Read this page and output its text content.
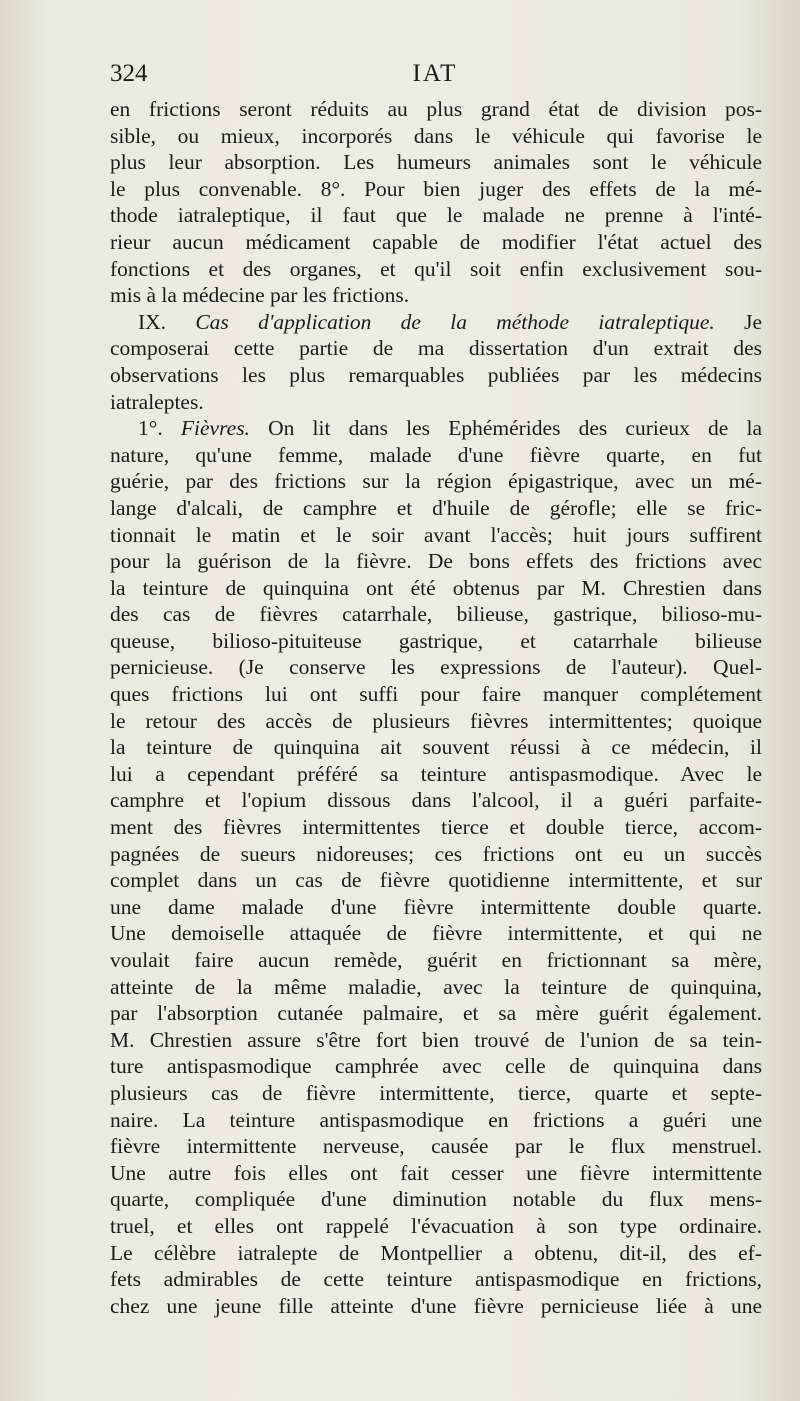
324	IAT
en frictions seront réduits au plus grand état de division pos-
sible, ou mieux, incorporés dans le véhicule qui favorise le
plus leur absorption. Les humeurs animales sont le véhicule
le plus convenable. 8°. Pour bien juger des effets de la mé-
thode iatraleptique, il faut que le malade ne prenne à l'inté-
rieur aucun médicament capable de modifier l'état actuel des
fonctions et des organes, et qu'il soit enfin exclusivement sou-
mis à la médecine par les frictions.
IX. Cas d'application de la méthode iatraleptique. Je
composerai cette partie de ma dissertation d'un extrait des
observations les plus remarquables publiées par les médecins
iatraleptes.
1°. Fièvres. On lit dans les Ephémérides des curieux de la
nature, qu'une femme, malade d'une fièvre quarte, en fut
guérie, par des frictions sur la région épigastrique, avec un mé-
lange d'alcali, de camphre et d'huile de gérofle; elle se fric-
tionnait le matin et le soir avant l'accès; huit jours suffirent
pour la guérison de la fièvre. De bons effets des frictions avec
la teinture de quinquina ont été obtenus par M. Chrestien dans
des cas de fièvres catarrhale, bilieuse, gastrique, bilioso-mu-
queuse, bilioso-pituiteuse gastrique, et catarrhale bilieuse
pernicieuse. (Je conserve les expressions de l'auteur). Quel-
ques frictions lui ont suffi pour faire manquer complétement
le retour des accès de plusieurs fièvres intermittentes; quoique
la teinture de quinquina ait souvent réussi à ce médecin, il
lui a cependant préféré sa teinture antispasmodique. Avec le
camphre et l'opium dissous dans l'alcool, il a guéri parfaite-
ment des fièvres intermittentes tierce et double tierce, accom-
pagnées de sueurs nidoreuses; ces frictions ont eu un succès
complet dans un cas de fièvre quotidienne intermittente, et sur
une dame malade d'une fièvre intermittente double quarte.
Une demoiselle attaquée de fièvre intermittente, et qui ne
voulait faire aucun remède, guérit en frictionnant sa mère,
atteinte de la même maladie, avec la teinture de quinquina,
par l'absorption cutanée palmaire, et sa mère guérit également.
M. Chrestien assure s'être fort bien trouvé de l'union de sa tein-
ture antispasmodique camphrée avec celle de quinquina dans
plusieurs cas de fièvre intermittente, tierce, quarte et septe-
naire. La teinture antispasmodique en frictions a guéri une
fièvre intermittente nerveuse, causée par le flux menstruel.
Une autre fois elles ont fait cesser une fièvre intermittente
quarte, compliquée d'une diminution notable du flux mens-
truel, et elles ont rappelé l'évacuation à son type ordinaire.
Le célèbre iatralepte de Montpellier a obtenu, dit-il, des ef-
fets admirables de cette teinture antispasmodique en frictions,
chez une jeune fille atteinte d'une fièvre pernicieuse liée à une
